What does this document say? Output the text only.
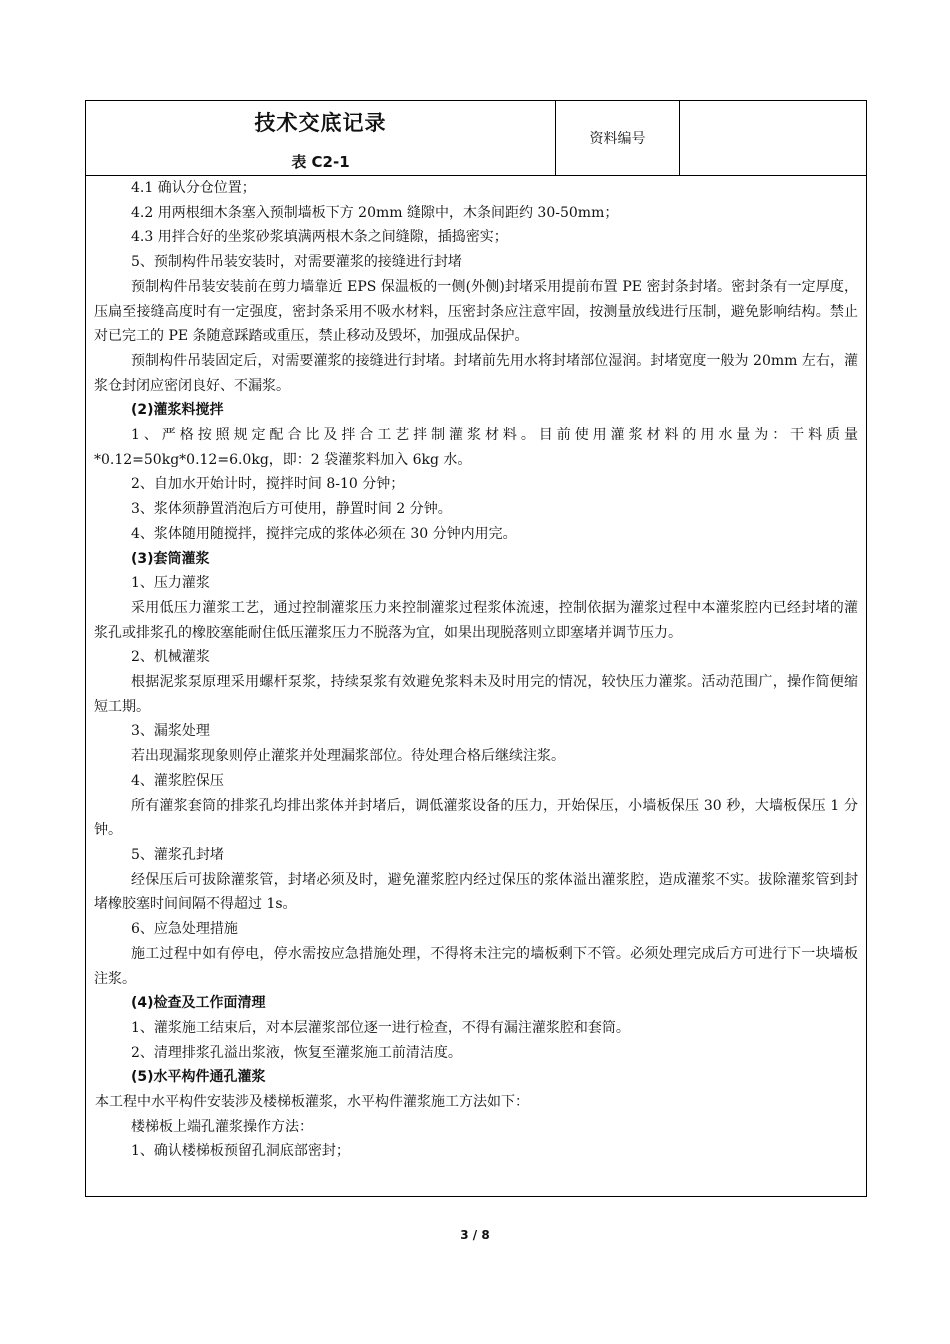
技术交底记录
表 C2-1
资料编号

4.1 确认分仓位置；

4.2 用两根细木条塞入预制墙板下方 20mm 缝隙中，木条间距约 30-50mm；

4.3 用拌合好的坐浆砂浆填满两根木条之间缝隙，插捣密实；

5、预制构件吊装安装时，对需要灌浆的接缝进行封堵

预制构件吊装安装前在剪力墙靠近 EPS 保温板的一侧(外侧)封堵采用提前布置 PE 密封条封堵。密封条有一定厚度，压扁至接缝高度时有一定强度，密封条采用不吸水材料，压密封条应注意牢固，按测量放线进行压制，避免影响结构。禁止对已完工的 PE 条随意踩踏或重压，禁止移动及毁坏，加强成品保护。

预制构件吊装固定后，对需要灌浆的接缝进行封堵。封堵前先用水将封堵部位湿润。封堵宽度一般为 20mm 左右，灌浆仓封闭应密闭良好、不漏浆。

(2)灌浆料搅拌

1、严格按照规定配合比及拌合工艺拌制灌浆材料。目前使用灌浆材料的用水量为：干料质量*0.12=50kg*0.12=6.0kg，即：2 袋灌浆料加入 6kg 水。

2、自加水开始计时，搅拌时间 8-10 分钟；

3、浆体须静置消泡后方可使用，静置时间 2 分钟。

4、浆体随用随搅拌，搅拌完成的浆体必须在 30 分钟内用完。

(3)套筒灌浆

1、压力灌浆

采用低压力灌浆工艺，通过控制灌浆压力来控制灌浆过程浆体流速，控制依据为灌浆过程中本灌浆腔内已经封堵的灌浆孔或排浆孔的橡胶塞能耐住低压灌浆压力不脱落为宜，如果出现脱落则立即塞堵并调节压力。

2、机械灌浆

根据泥浆泵原理采用螺杆泵浆，持续泵浆有效避免浆料未及时用完的情况，较快压力灌浆。活动范围广，操作简便缩短工期。

3、漏浆处理

若出现漏浆现象则停止灌浆并处理漏浆部位。待处理合格后继续注浆。

4、灌浆腔保压

所有灌浆套筒的排浆孔均排出浆体并封堵后，调低灌浆设备的压力，开始保压，小墙板保压 30 秒，大墙板保压 1 分钟。

5、灌浆孔封堵

经保压后可拔除灌浆管，封堵必须及时，避免灌浆腔内经过保压的浆体溢出灌浆腔，造成灌浆不实。拔除灌浆管到封堵橡胶塞时间间隔不得超过 1s。

6、应急处理措施

施工过程中如有停电，停水需按应急措施处理，不得将未注完的墙板剩下不管。必须处理完成后方可进行下一块墙板注浆。

(4)检查及工作面清理

1、灌浆施工结束后，对本层灌浆部位逐一进行检查，不得有漏注灌浆腔和套筒。

2、清理排浆孔溢出浆液，恢复至灌浆施工前清洁度。

(5)水平构件通孔灌浆

本工程中水平构件安装涉及楼梯板灌浆，水平构件灌浆施工方法如下：

楼梯板上端孔灌浆操作方法：

1、确认楼梯板预留孔洞底部密封；

3 / 8
